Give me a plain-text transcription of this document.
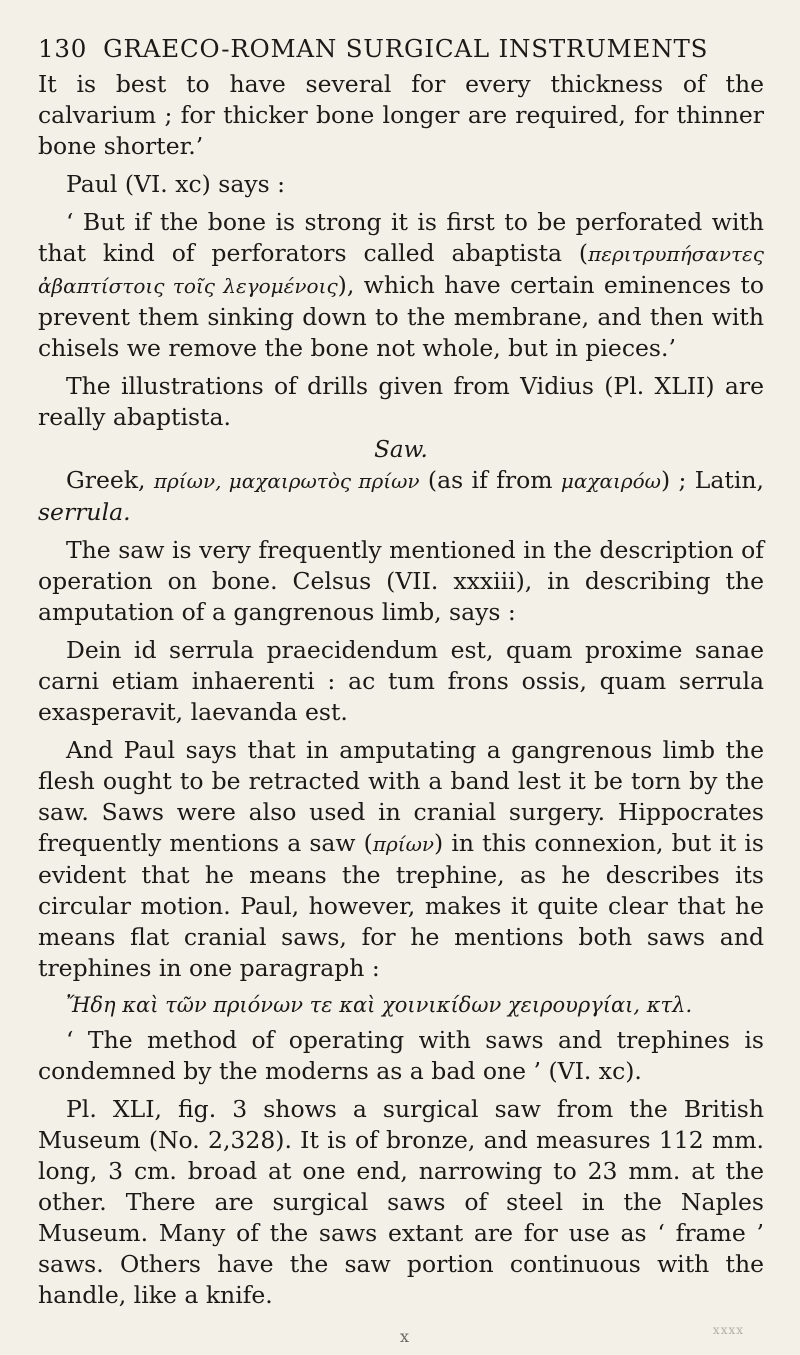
130 GRAECO-ROMAN SURGICAL INSTRUMENTS

It is best to have several for every thickness of the calvarium ; for thicker bone longer are required, for thinner bone shorter.’

Paul (VI. xc) says :

‘ But if the bone is strong it is first to be perforated with that kind of perforators called abaptista (περιτρυπήσαντες ἀβαπτίστοις τοῖς λεγομένοις), which have certain eminences to prevent them sinking down to the membrane, and then with chisels we remove the bone not whole, but in pieces.’

The illustrations of drills given from Vidius (Pl. XLII) are really abaptista.

Saw.

Greek, πρίων, μαχαιρωτὸς πρίων (as if from μαχαιρόω) ; Latin, serrula.

The saw is very frequently mentioned in the description of operation on bone. Celsus (VII. xxxiii), in describing the amputation of a gangrenous limb, says :

Dein id serrula praecidendum est, quam proxime sanae carni etiam inhaerenti : ac tum frons ossis, quam serrula exasperavit, laevanda est.

And Paul says that in amputating a gangrenous limb the flesh ought to be retracted with a band lest it be torn by the saw. Saws were also used in cranial surgery. Hippocrates frequently mentions a saw (πρίων) in this connexion, but it is evident that he means the trephine, as he describes its circular motion. Paul, however, makes it quite clear that he means flat cranial saws, for he mentions both saws and trephines in one paragraph :

Ἤδη καὶ τῶν πριόνων τε καὶ χοινικίδων χειρουργίαι, κτλ.

‘ The method of operating with saws and trephines is condemned by the moderns as a bad one ’ (VI. xc).

Pl. XLI, fig. 3 shows a surgical saw from the British Museum (No. 2,328). It is of bronze, and measures 112 mm. long, 3 cm. broad at one end, narrowing to 23 mm. at the other. There are surgical saws of steel in the Naples Museum. Many of the saws extant are for use as ‘ frame ’ saws. Others have the saw portion continuous with the handle, like a knife.

x	xxxx
